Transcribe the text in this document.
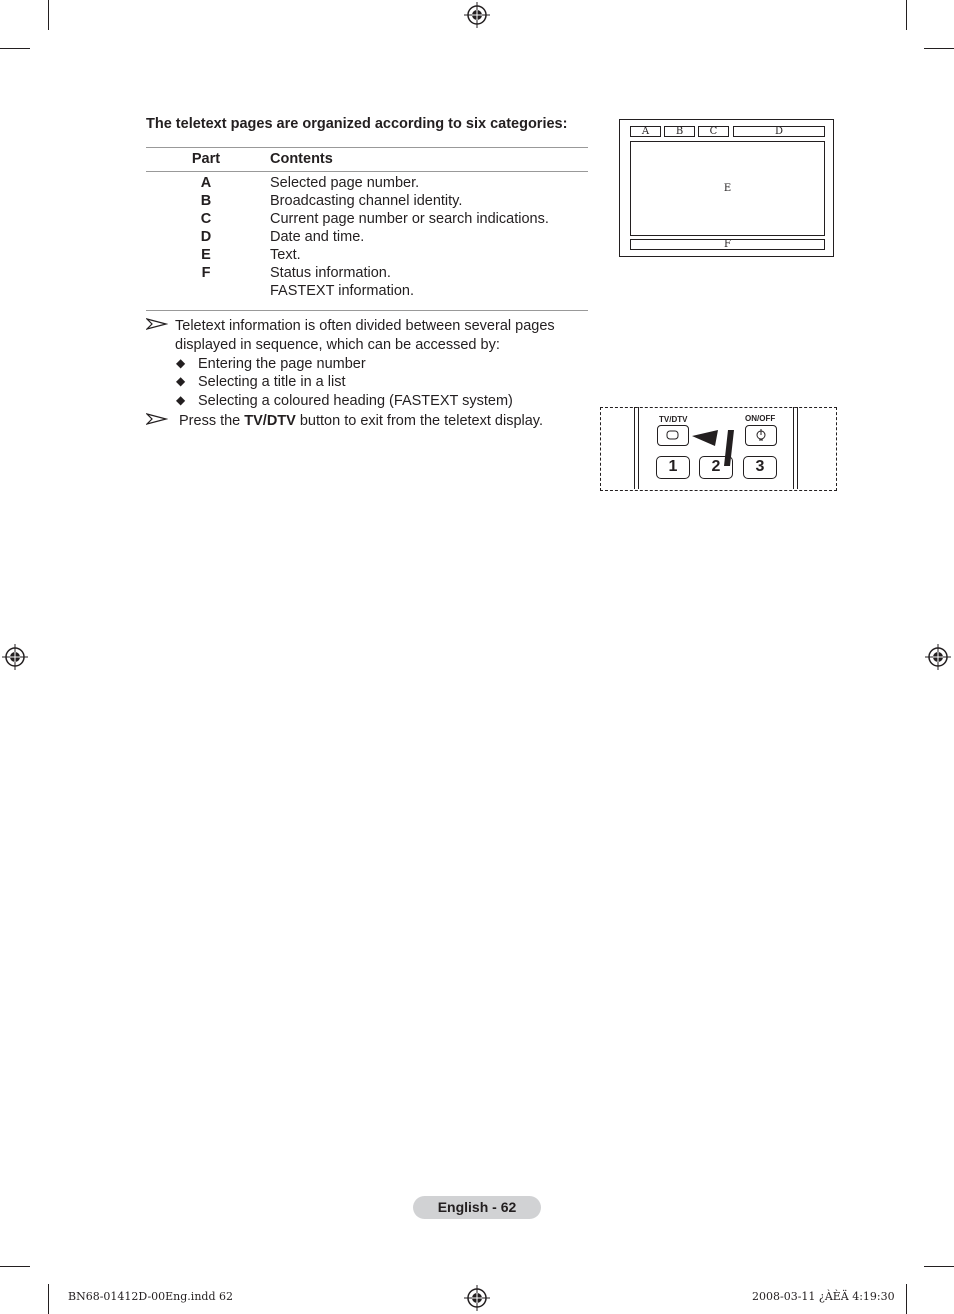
The teletext pages are organized according to six categories:
Part	Contents
A	Selected page number.
B	Broadcasting channel identity.
C	Current page number or search indications.
D	Date and time.
E	Text.
F	Status information.
FASTEXT information.
Teletext information is often divided between several pages
displayed in sequence, which can be accessed by:
◆ Entering the page number
◆ Selecting a title in a list
◆ Selecting a coloured heading (FASTEXT system)
Press the TV/DTV button to exit from the teletext display.
A	B	C	D
E
F
TV/DTV	ON/OFF
1	2	3
English - 62
BN68-01412D-00Eng.indd 62	2008-03-11 ¿ÀÈÄ 4:19:30
